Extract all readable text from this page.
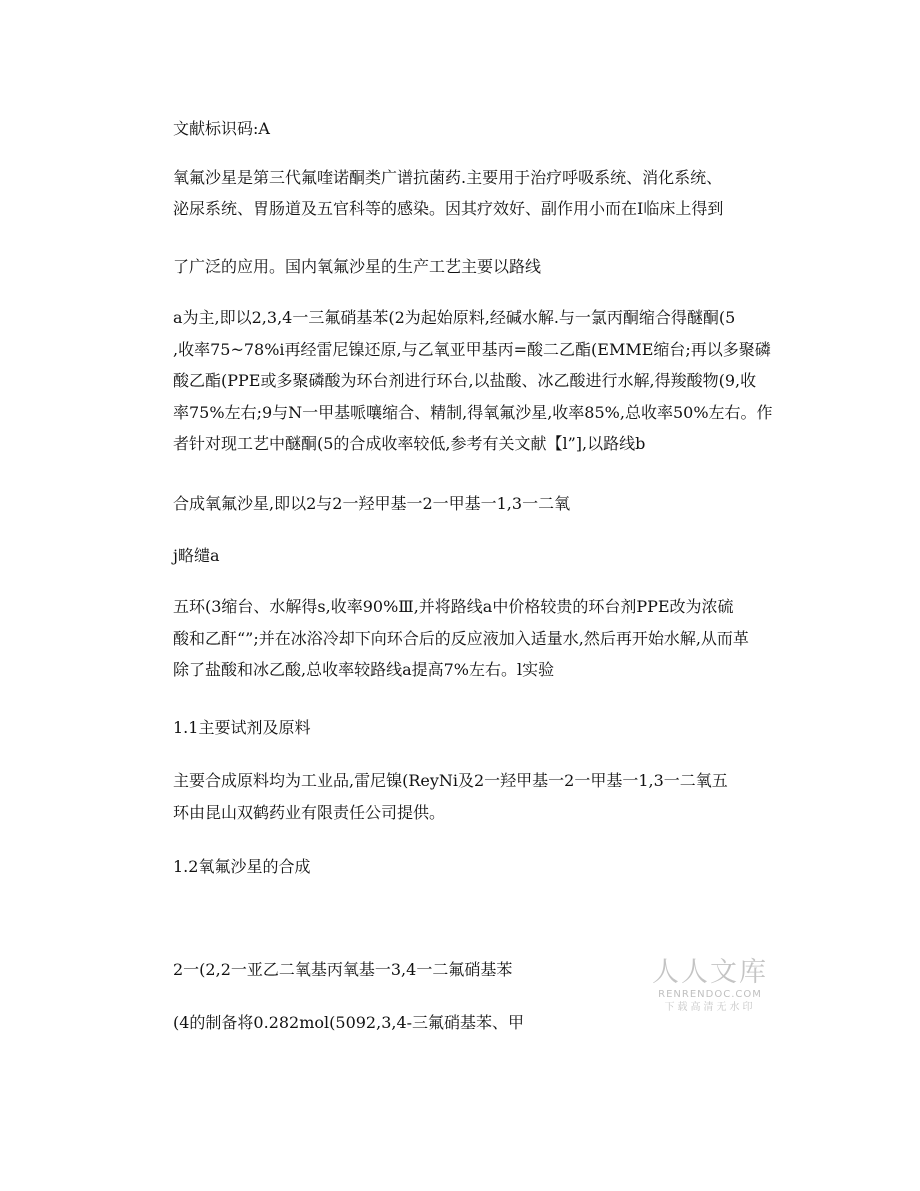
文献标识码:A
氧氟沙星是第三代氟喹诺酮类广谱抗菌药.主要用于治疗呼吸系统、消化系统、
泌尿系统、胃肠道及五官科等的感染。因其疗效好、副作用小而在I临床上得到
了广泛的应用。国内氧氟沙星的生产工艺主要以路线
a为主,即以2,3,4一三氟硝基苯(2为起始原料,经碱水解.与一氯丙酮缩合得醚酮(5
,收率75~78%i再经雷尼镍还原,与乙氧亚甲基丙=酸二乙酯(EMME缩台;再以多聚磷
酸乙酯(PPE或多聚磷酸为环台剂进行环台,以盐酸、冰乙酸进行水解,得羧酸物(9,收
率75%左右;9与N一甲基哌嚷缩合、精制,得氧氟沙星,收率85%,总收率50%左右。作
者针对现工艺中醚酮(5的合成收率较低,参考有关文献【l”],以路线b
合成氧氟沙星,即以2与2一羟甲基一2一甲基一1,3一二氧
j略缱a
五环(3缩台、水解得s,收率90%Ⅲ,并将路线a中价格较贵的环台剂PPE改为浓硫
酸和乙酐“”;并在冰浴冷却下向环合后的反应液加入适量水,然后再开始水解,从而革
除了盐酸和冰乙酸,总收率较路线a提高7%左右。l实验
1.1主要试剂及原料
主要合成原料均为工业品,雷尼镍(ReyNi及2一羟甲基一2一甲基一1,3一二氧五
环由昆山双鹤药业有限责任公司提供。
1.2氧氟沙星的合成
2一(2,2一亚乙二氧基丙氧基一3,4一二氟硝基苯
(4的制备将0.282mol(5092,3,4-三氟硝基苯、甲
人人文库
RENRENDOC.COM
下载高清无水印
